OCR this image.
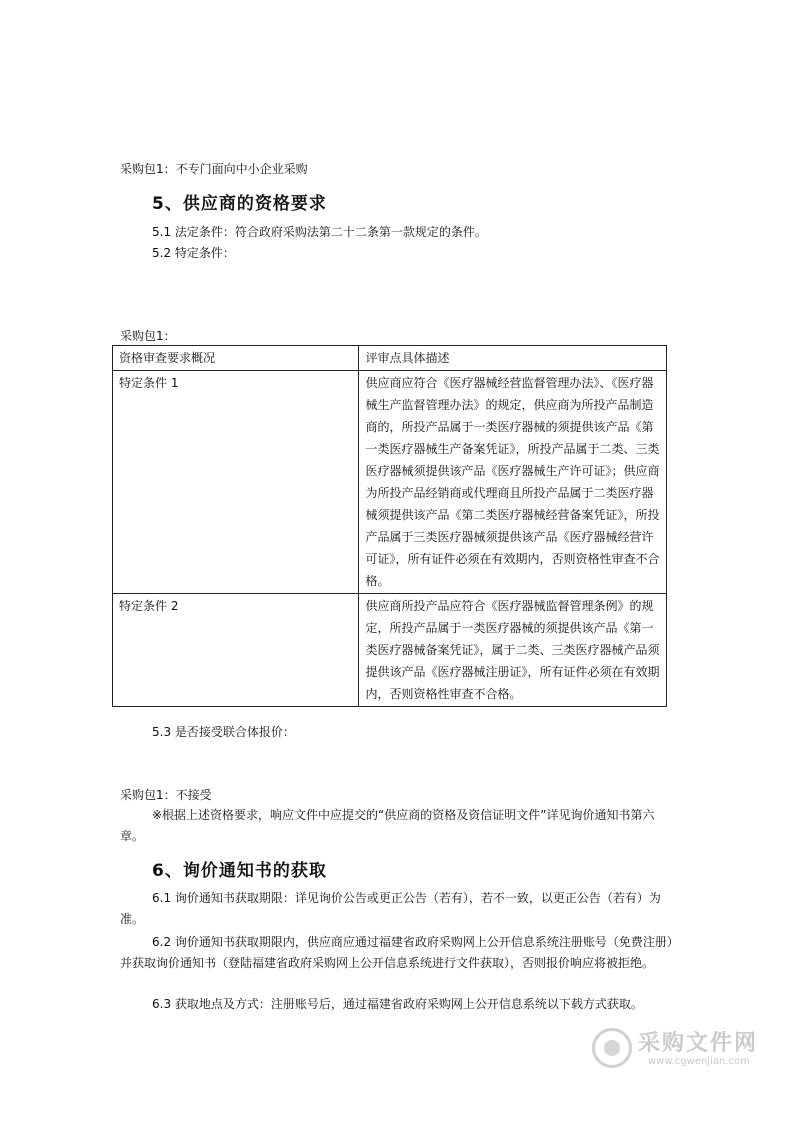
采购包1：不专门面向中小企业采购
5、供应商的资格要求
5.1 法定条件：符合政府采购法第二十二条第一款规定的条件。
5.2 特定条件：
采购包1：
资格审查要求概况	评审点具体描述
特定条件 1	供应商应符合《医疗器械经营监督管理办法》、《医疗器械生产监督管理办法》的规定，供应商为所投产品制造商的，所投产品属于一类医疗器械的须提供该产品《第一类医疗器械生产备案凭证》，所投产品属于二类、三类医疗器械须提供该产品《医疗器械生产许可证》；供应商为所投产品经销商或代理商且所投产品属于二类医疗器械须提供该产品《第二类医疗器械经营备案凭证》，所投产品属于三类医疗器械须提供该产品《医疗器械经营许可证》，所有证件必须在有效期内，否则资格性审查不合格。
特定条件 2	供应商所投产品应符合《医疗器械监督管理条例》的规定，所投产品属于一类医疗器械的须提供该产品《第一类医疗器械备案凭证》，属于二类、三类医疗器械产品须提供该产品《医疗器械注册证》，所有证件必须在有效期内，否则资格性审查不合格。
5.3 是否接受联合体报价：
采购包1：不接受
※根据上述资格要求，响应文件中应提交的“供应商的资格及资信证明文件”详见询价通知书第六章。
6、询价通知书的获取
6.1 询价通知书获取期限：详见询价公告或更正公告（若有），若不一致，以更正公告（若有）为准。
6.2 询价通知书获取期限内，供应商应通过福建省政府采购网上公开信息系统注册账号（免费注册）并获取询价通知书（登陆福建省政府采购网上公开信息系统进行文件获取），否则报价响应将被拒绝。
6.3 获取地点及方式：注册账号后，通过福建省政府采购网上公开信息系统以下载方式获取。
采购文件网
www.cgwenjian.com
